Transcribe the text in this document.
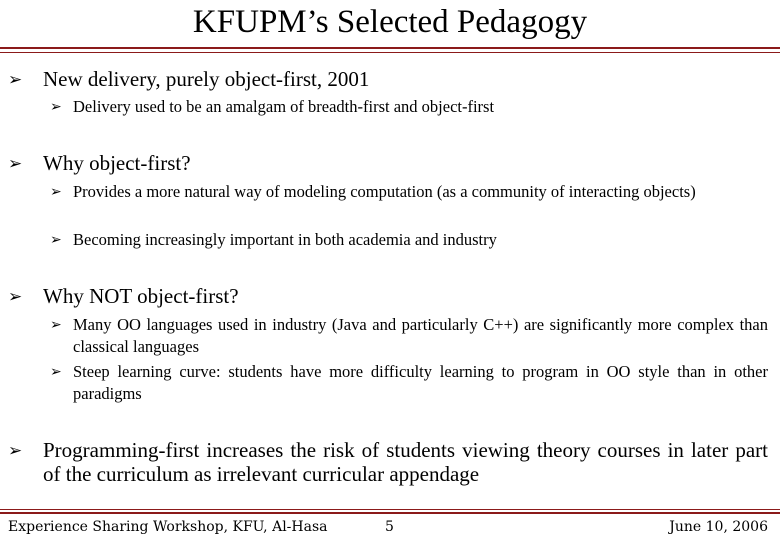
KFUPM’s Selected Pedagogy
➢ New delivery, purely object-first, 2001
➢ Delivery used to be an amalgam of breadth-first and object-first
➢ Why object-first?
➢ Provides a more natural way of modeling computation (as a community of interacting objects)
➢ Becoming increasingly important in both academia and industry
➢ Why NOT object-first?
➢ Many OO languages used in industry (Java and particularly C++) are significantly more complex than classical languages
➢ Steep learning curve: students have more difficulty learning to program in OO style than in other paradigms
➢ Programming-first increases the risk of students viewing theory courses in later part of the curriculum as irrelevant curricular appendage
Experience Sharing Workshop, KFU, Al-Hasa	5	June 10, 2006
